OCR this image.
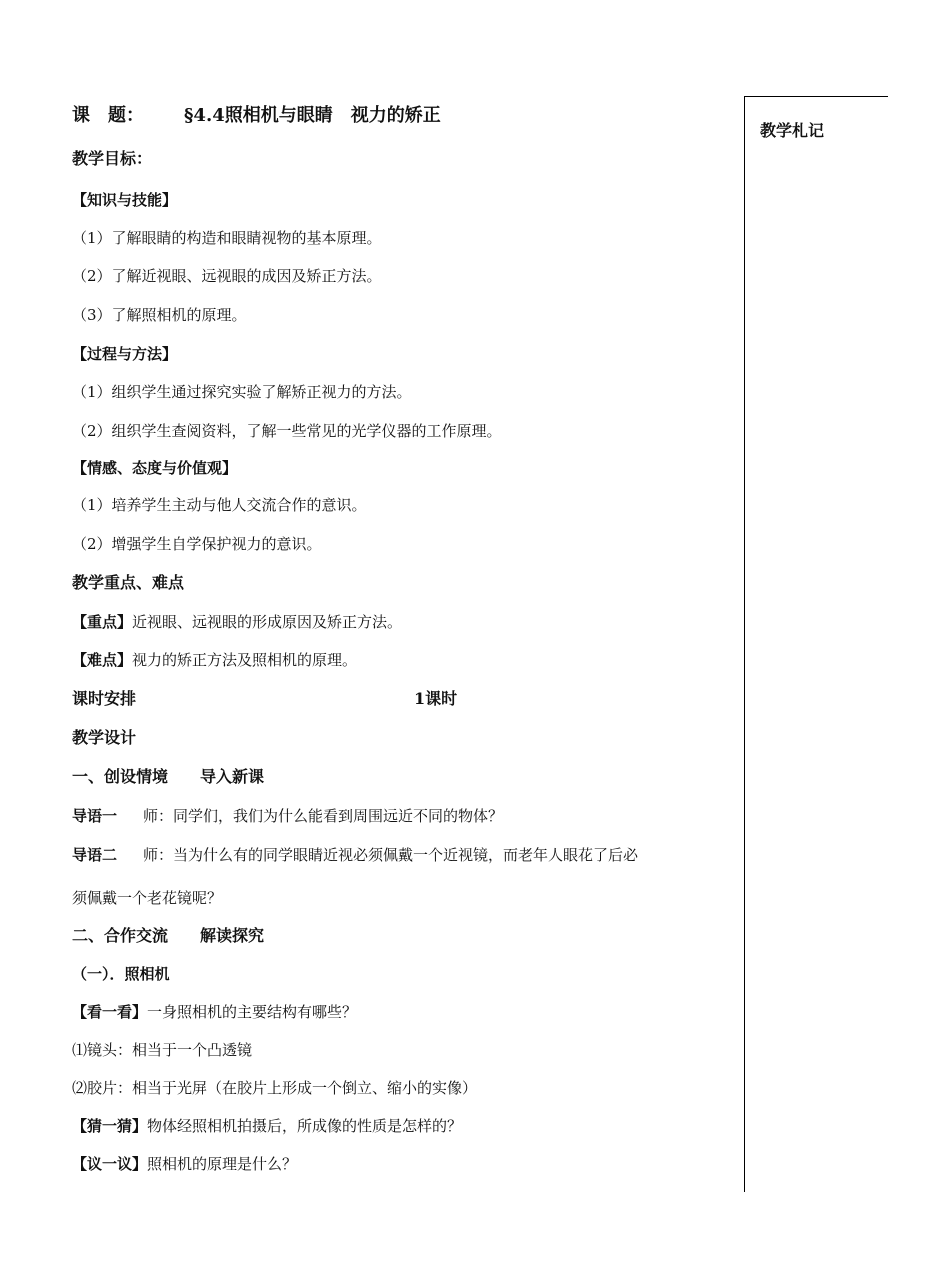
课　题： §4.4照相机与眼睛　视力的矫正
教学目标：
【知识与技能】
（1）了解眼睛的构造和眼睛视物的基本原理。
（2）了解近视眼、远视眼的成因及矫正方法。
（3）了解照相机的原理。
【过程与方法】
（1）组织学生通过探究实验了解矫正视力的方法。
（2）组织学生查阅资料，了解一些常见的光学仪器的工作原理。
【情感、态度与价值观】
（1）培养学生主动与他人交流合作的意识。
（2）增强学生自学保护视力的意识。
教学重点、难点
【重点】近视眼、远视眼的形成原因及矫正方法。
【难点】视力的矫正方法及照相机的原理。
课时安排	1课时
教学设计
一、创设情境　　导入新课
导语一 师：同学们，我们为什么能看到周围远近不同的物体？
导语二 师：当为什么有的同学眼睛近视必须佩戴一个近视镜，而老年人眼花了后必
须佩戴一个老花镜呢？
二、合作交流　　解读探究
（一）．照相机
【看一看】一身照相机的主要结构有哪些？
⑴镜头：相当于一个凸透镜
⑵胶片：相当于光屏（在胶片上形成一个倒立、缩小的实像）
【猜一猜】物体经照相机拍摄后，所成像的性质是怎样的？
【议一议】照相机的原理是什么？
教学札记
